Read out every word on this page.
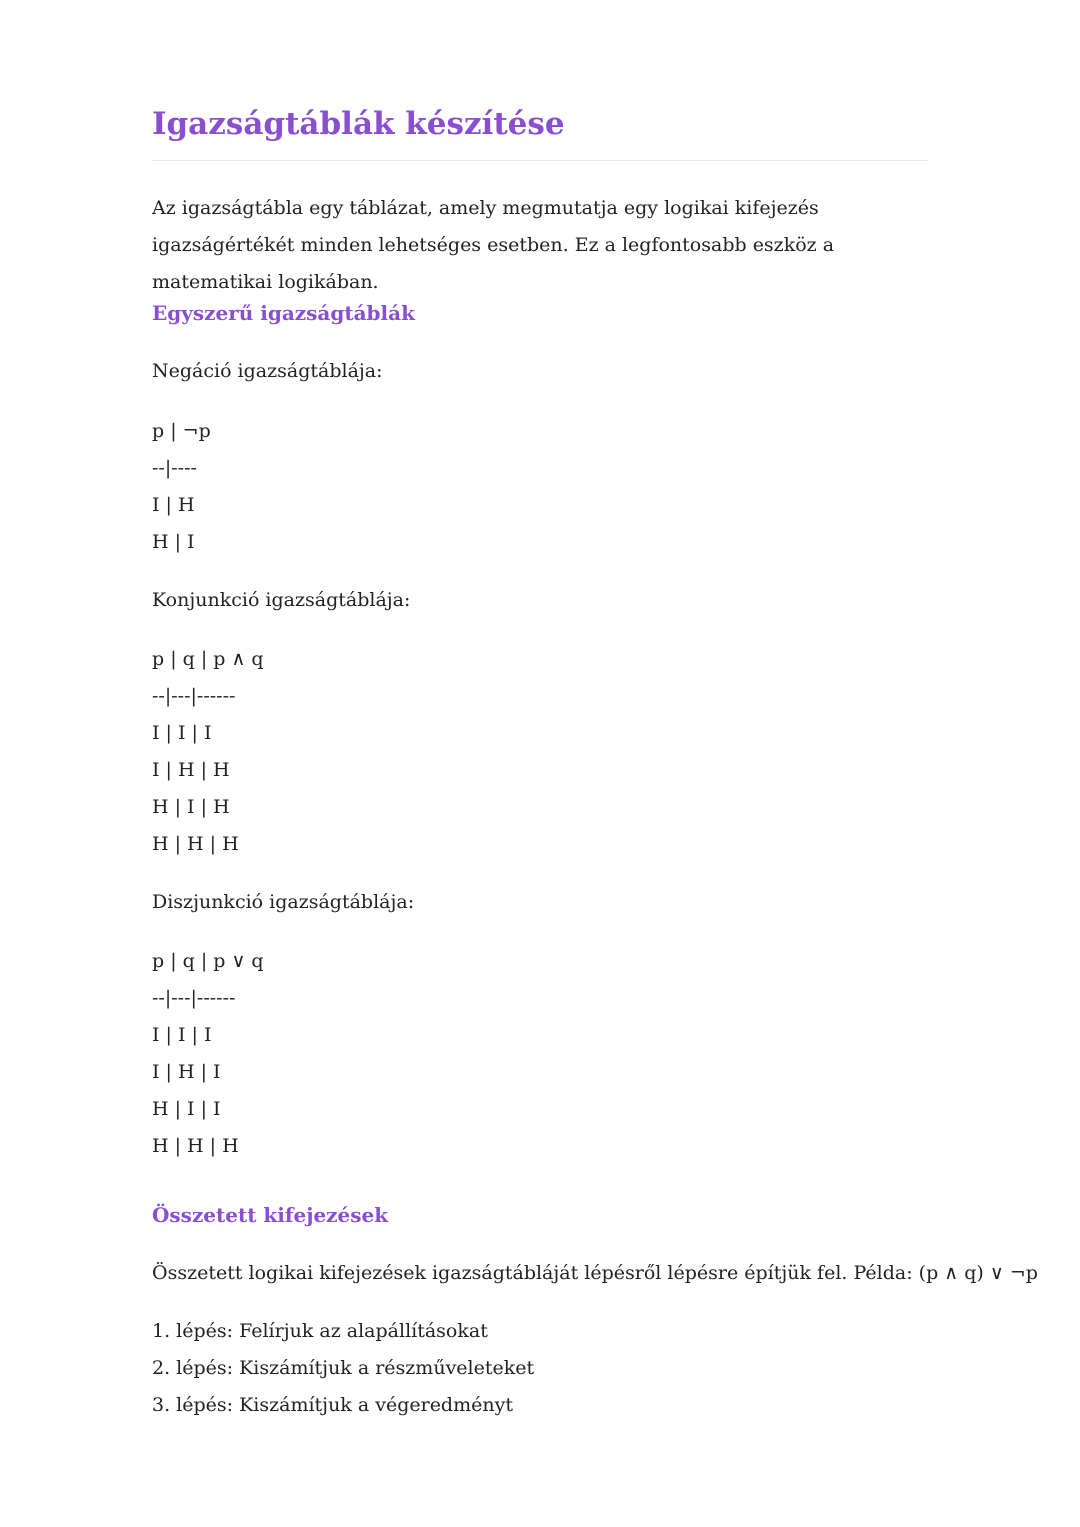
Igazságtáblák készítése

Az igazságtábla egy táblázat, amely megmutatja egy logikai kifejezés igazságértékét minden lehetséges esetben. Ez a legfontosabb eszköz a matematikai logikában.

Egyszerű igazságtáblák

Negáció igazságtáblája:

p | ¬p
--|----
I | H
H | I

Konjunkció igazságtáblája:

p | q | p ∧ q
--|---|------
I | I | I
I | H | H
H | I | H
H | H | H

Diszjunkció igazságtáblája:

p | q | p ∨ q
--|---|------
I | I | I
I | H | I
H | I | I
H | H | H
Összetett kifejezések

Összetett logikai kifejezések igazságtábláját lépésről lépésre építjük fel. Példa: (p ∧ q) ∨ ¬p

1. lépés: Felírjuk az alapállításokat
2. lépés: Kiszámítjuk a részműveleteket
3. lépés: Kiszámítjuk a végeredményt
